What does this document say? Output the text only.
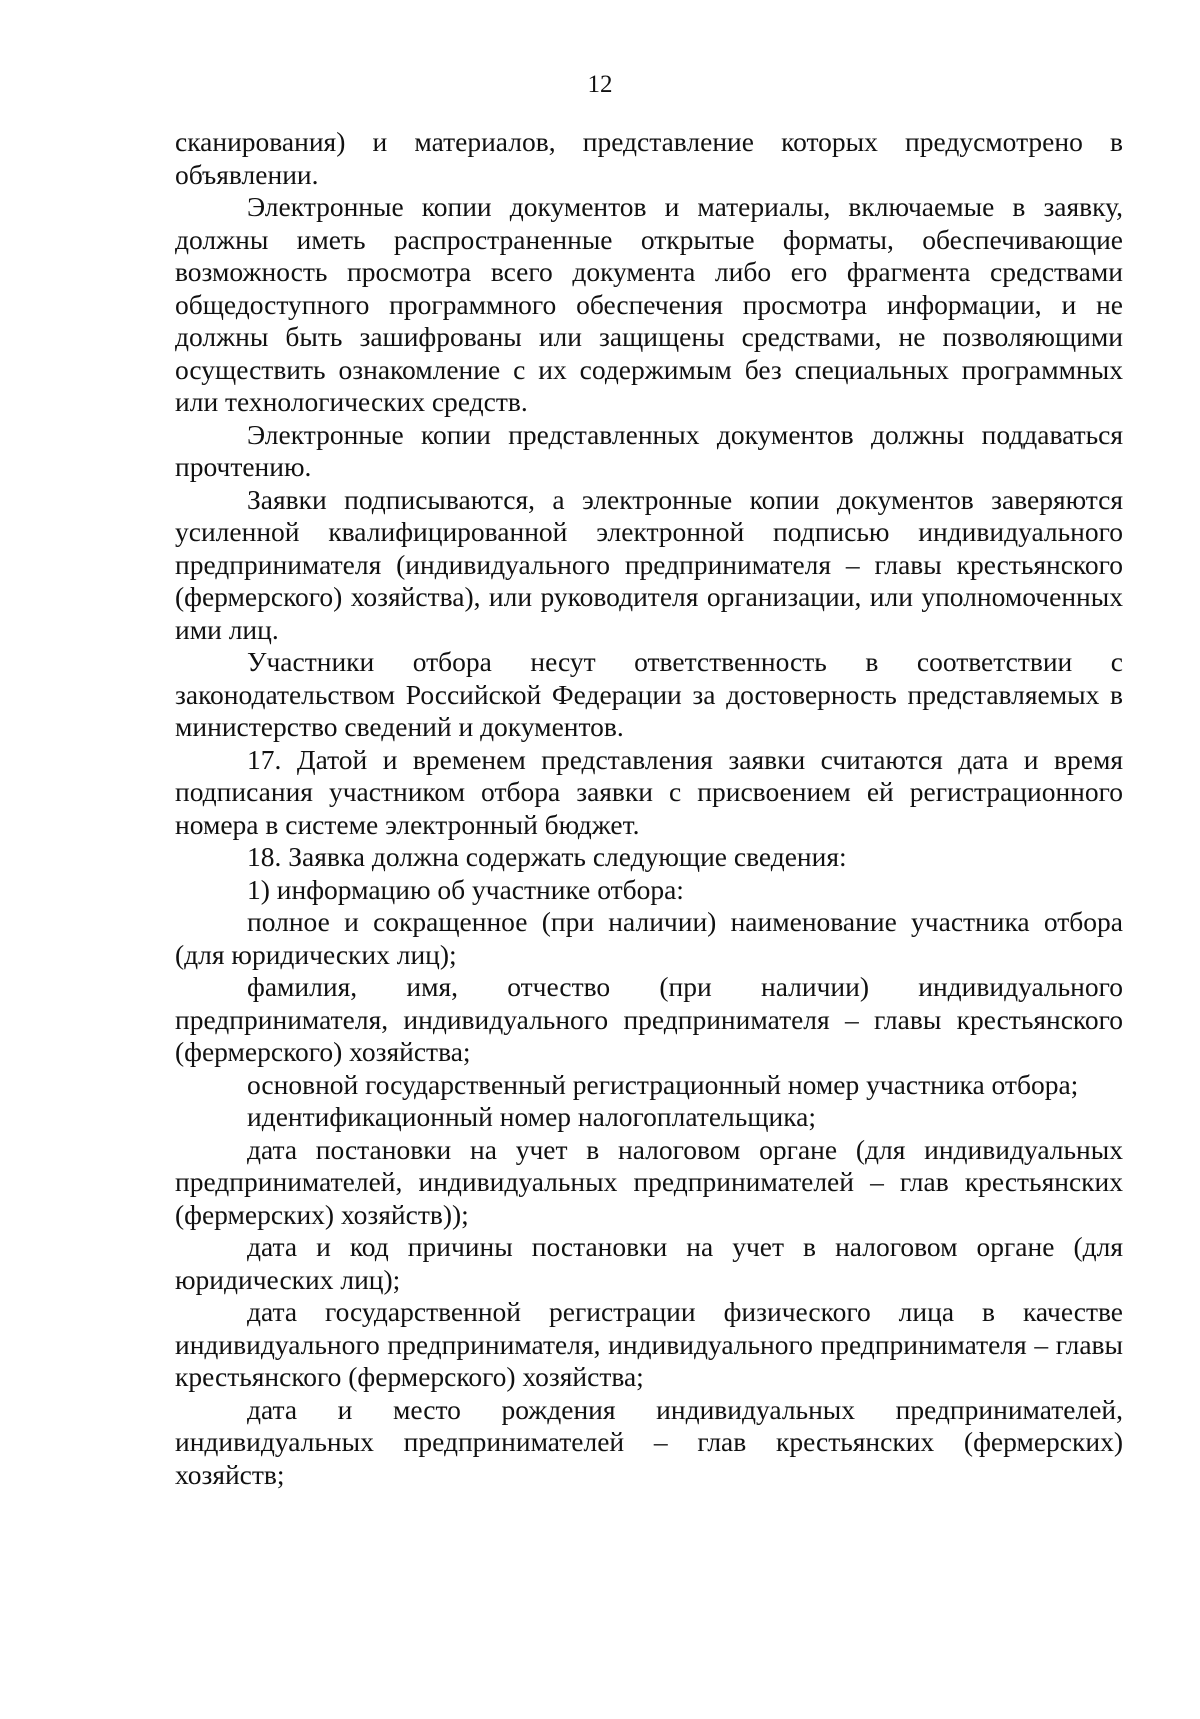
12

сканирования) и материалов, представление которых предусмотрено в объявлении.

Электронные копии документов и материалы, включаемые в заявку, должны иметь распространенные открытые форматы, обеспечивающие возможность просмотра всего документа либо его фрагмента средствами общедоступного программного обеспечения просмотра информации, и не должны быть зашифрованы или защищены средствами, не позволяющими осуществить ознакомление с их содержимым без специальных программных или технологических средств.

Электронные копии представленных документов должны поддаваться прочтению.

Заявки подписываются, а электронные копии документов заверяются усиленной квалифицированной электронной подписью индивидуального предпринимателя (индивидуального предпринимателя – главы крестьянского (фермерского) хозяйства), или руководителя организации, или уполномоченных ими лиц.

Участники отбора несут ответственность в соответствии с законодательством Российской Федерации за достоверность представляемых в министерство сведений и документов.

17. Датой и временем представления заявки считаются дата и время подписания участником отбора заявки с присвоением ей регистрационного номера в системе электронный бюджет.

18. Заявка должна содержать следующие сведения:

1) информацию об участнике отбора:

полное и сокращенное (при наличии) наименование участника отбора (для юридических лиц);

фамилия, имя, отчество (при наличии) индивидуального предпринимателя, индивидуального предпринимателя – главы крестьянского (фермерского) хозяйства;

основной государственный регистрационный номер участника отбора;

идентификационный номер налогоплательщика;

дата постановки на учет в налоговом органе (для индивидуальных предпринимателей, индивидуальных предпринимателей – глав крестьянских (фермерских) хозяйств));

дата и код причины постановки на учет в налоговом органе (для юридических лиц);

дата государственной регистрации физического лица в качестве индивидуального предпринимателя, индивидуального предпринимателя – главы крестьянского (фермерского) хозяйства;

дата и место рождения индивидуальных предпринимателей, индивидуальных предпринимателей – глав крестьянских (фермерских) хозяйств;
